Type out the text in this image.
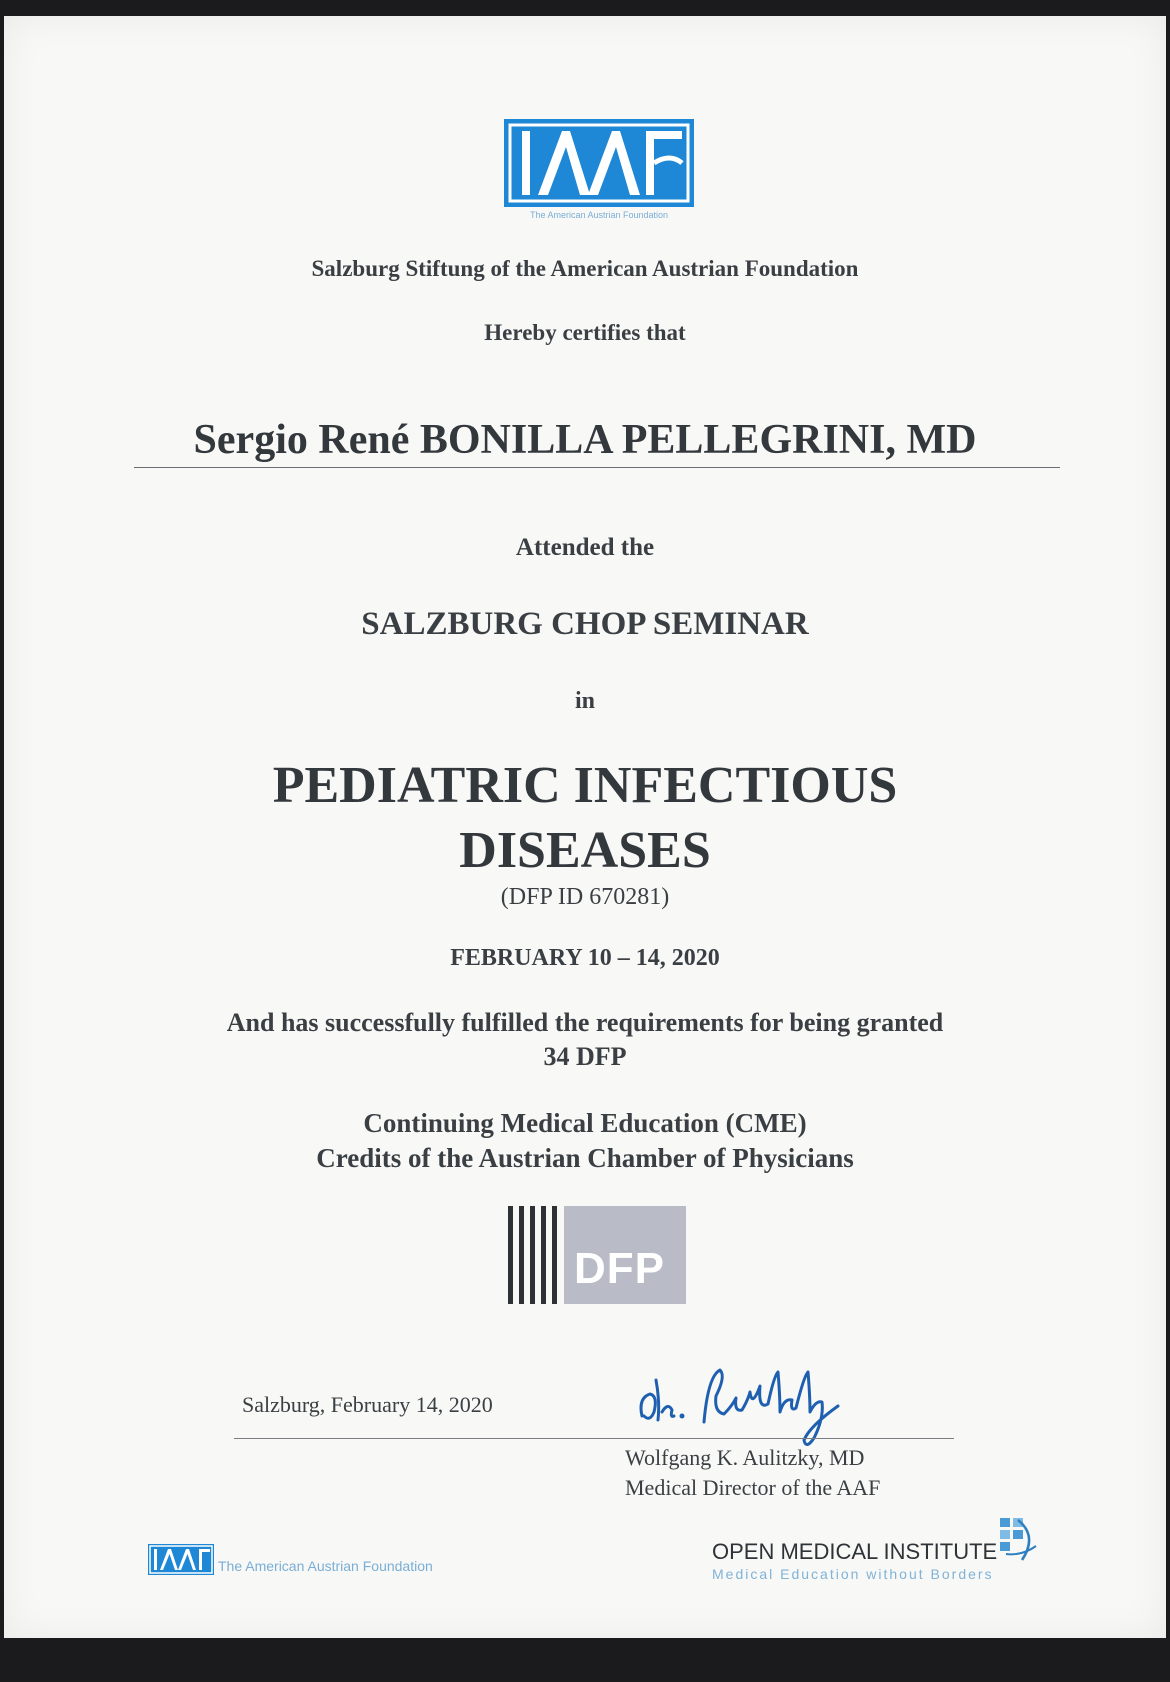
The American Austrian Foundation
Salzburg Stiftung of the American Austrian Foundation
Hereby certifies that
Sergio René BONILLA PELLEGRINI, MD
Attended the
SALZBURG CHOP SEMINAR
in
PEDIATRIC INFECTIOUS
DISEASES
(DFP ID 670281)
FEBRUARY 10 – 14, 2020
And has successfully fulfilled the requirements for being granted
34 DFP
Continuing Medical Education (CME)
Credits of the Austrian Chamber of Physicians
DFP
Salzburg, February 14, 2020
Wolfgang K. Aulitzky, MD
Medical Director of the AAF
The American Austrian Foundation
OPEN MEDICAL INSTITUTE
Medical Education without Borders
